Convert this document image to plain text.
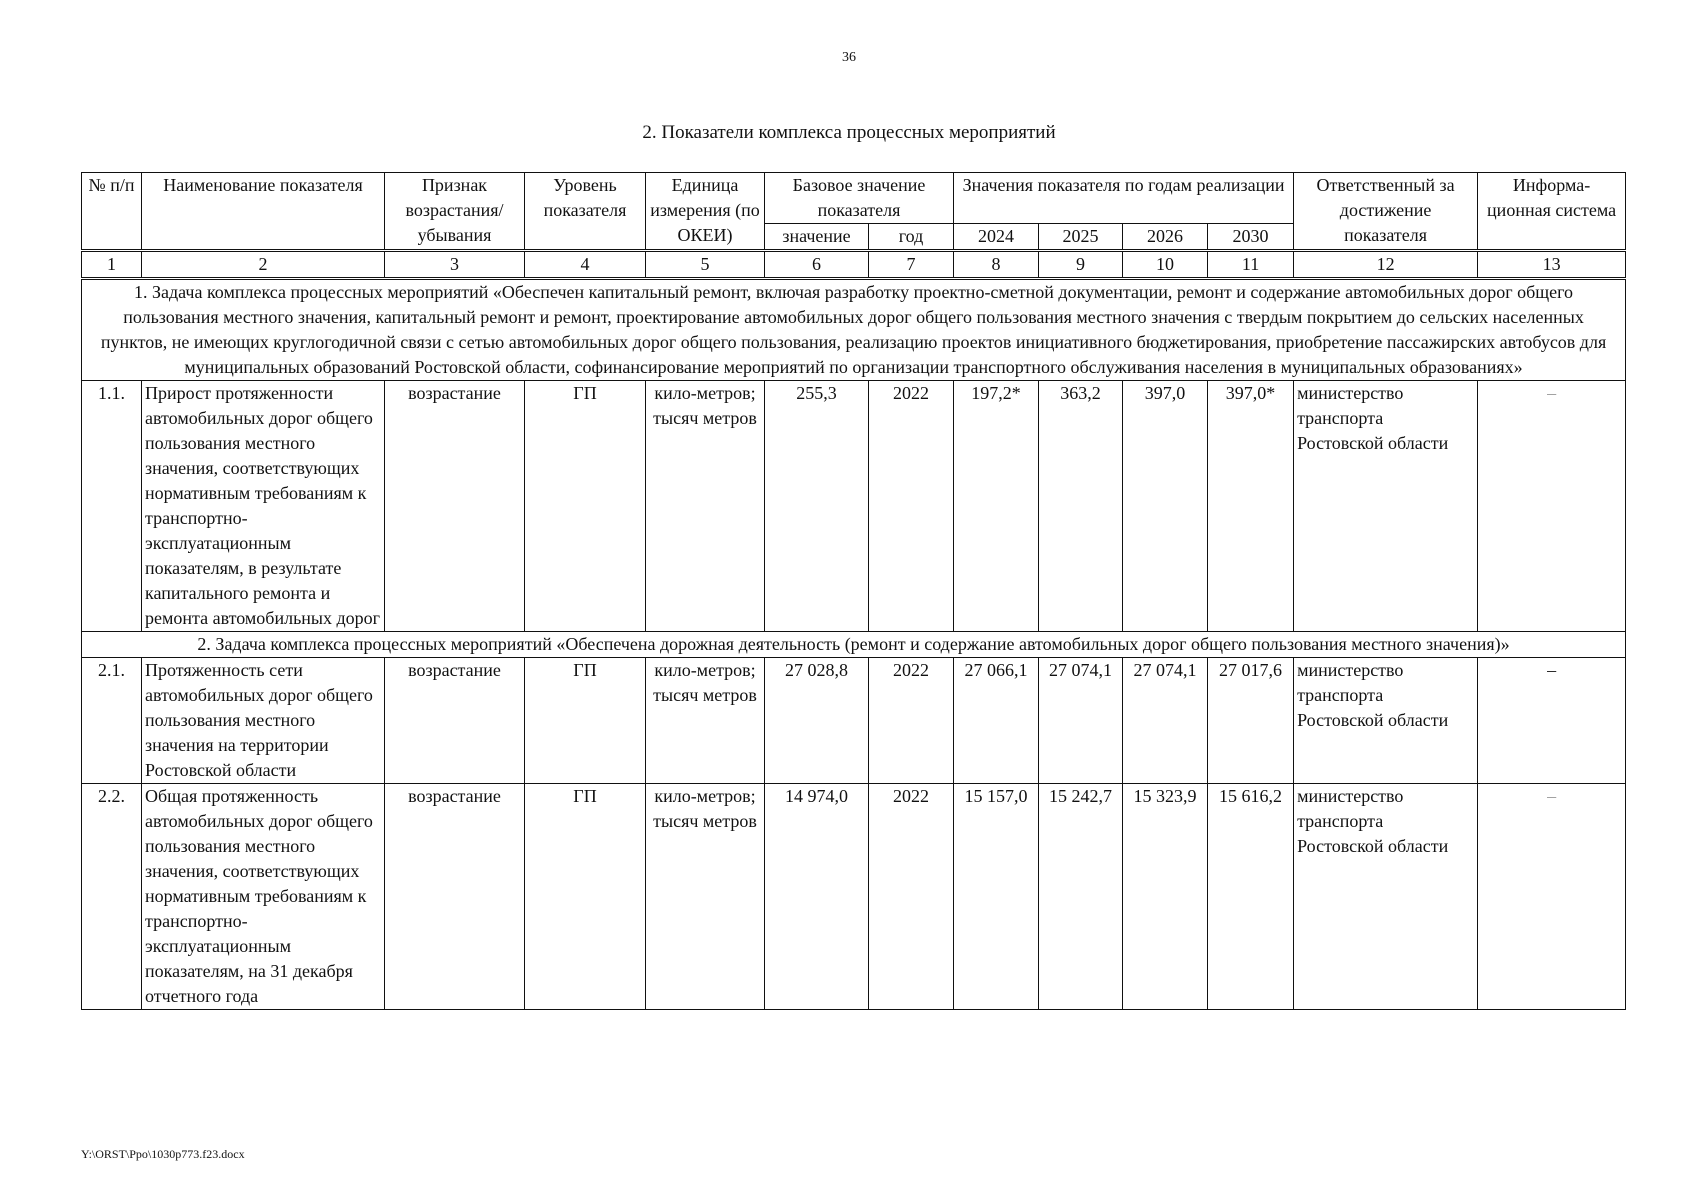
36
2. Показатели комплекса процессных мероприятий
№ п/п	Наименование показателя	Признак возрастания/ убывания	Уровень показателя	Единица измерения (по ОКЕИ)	Базовое значение показателя		Значения показателя по годам реализации				Ответственный за достижение показателя	Информа-ционная система
					значение	год	2024	2025	2026	2030		
1	2	3	4	5	6	7	8	9	10	11	12	13
1. Задача комплекса процессных мероприятий «Обеспечен капитальный ремонт, включая разработку проектно-сметной документации, ремонт и содержание автомобильных дорог общего пользования местного значения, капитальный ремонт и ремонт, проектирование автомобильных дорог общего пользования местного значения с твердым покрытием до сельских населенных пунктов, не имеющих круглогодичной связи с сетью автомобильных дорог общего пользования, реализацию проектов инициативного бюджетирования, приобретение пассажирских автобусов для муниципальных образований Ростовской области, софинансирование мероприятий по организации транспортного обслуживания населения в муниципальных образованиях»												
1.1.	Прирост протяженности автомобильных дорог общего пользования местного значения, соответствующих нормативным требованиям к транспортно-эксплуатационным показателям, в результате капитального ремонта и ремонта автомобильных дорог	возрастание	ГП	кило-метров; тысяч метров	255,3	2022	197,2*	363,2	397,0	397,0*	министерство транспорта Ростовской области	–
2. Задача комплекса процессных мероприятий «Обеспечена дорожная деятельность (ремонт и содержание автомобильных дорог общего пользования местного значения)»												
2.1.	Протяженность сети автомобильных дорог общего пользования местного значения на территории Ростовской области	возрастание	ГП	кило-метров; тысяч метров	27 028,8	2022	27 066,1	27 074,1	27 074,1	27 017,6	министерство транспорта Ростовской области	–
2.2.	Общая протяженность автомобильных дорог общего пользования местного значения, соответствующих нормативным требованиям к транспортно-эксплуатационным показателям, на 31 декабря отчетного года	возрастание	ГП	кило-метров; тысяч метров	14 974,0	2022	15 157,0	15 242,7	15 323,9	15 616,2	министерство транспорта Ростовской области	–
Y:\ORST\Ppo\1030p773.f23.docx
